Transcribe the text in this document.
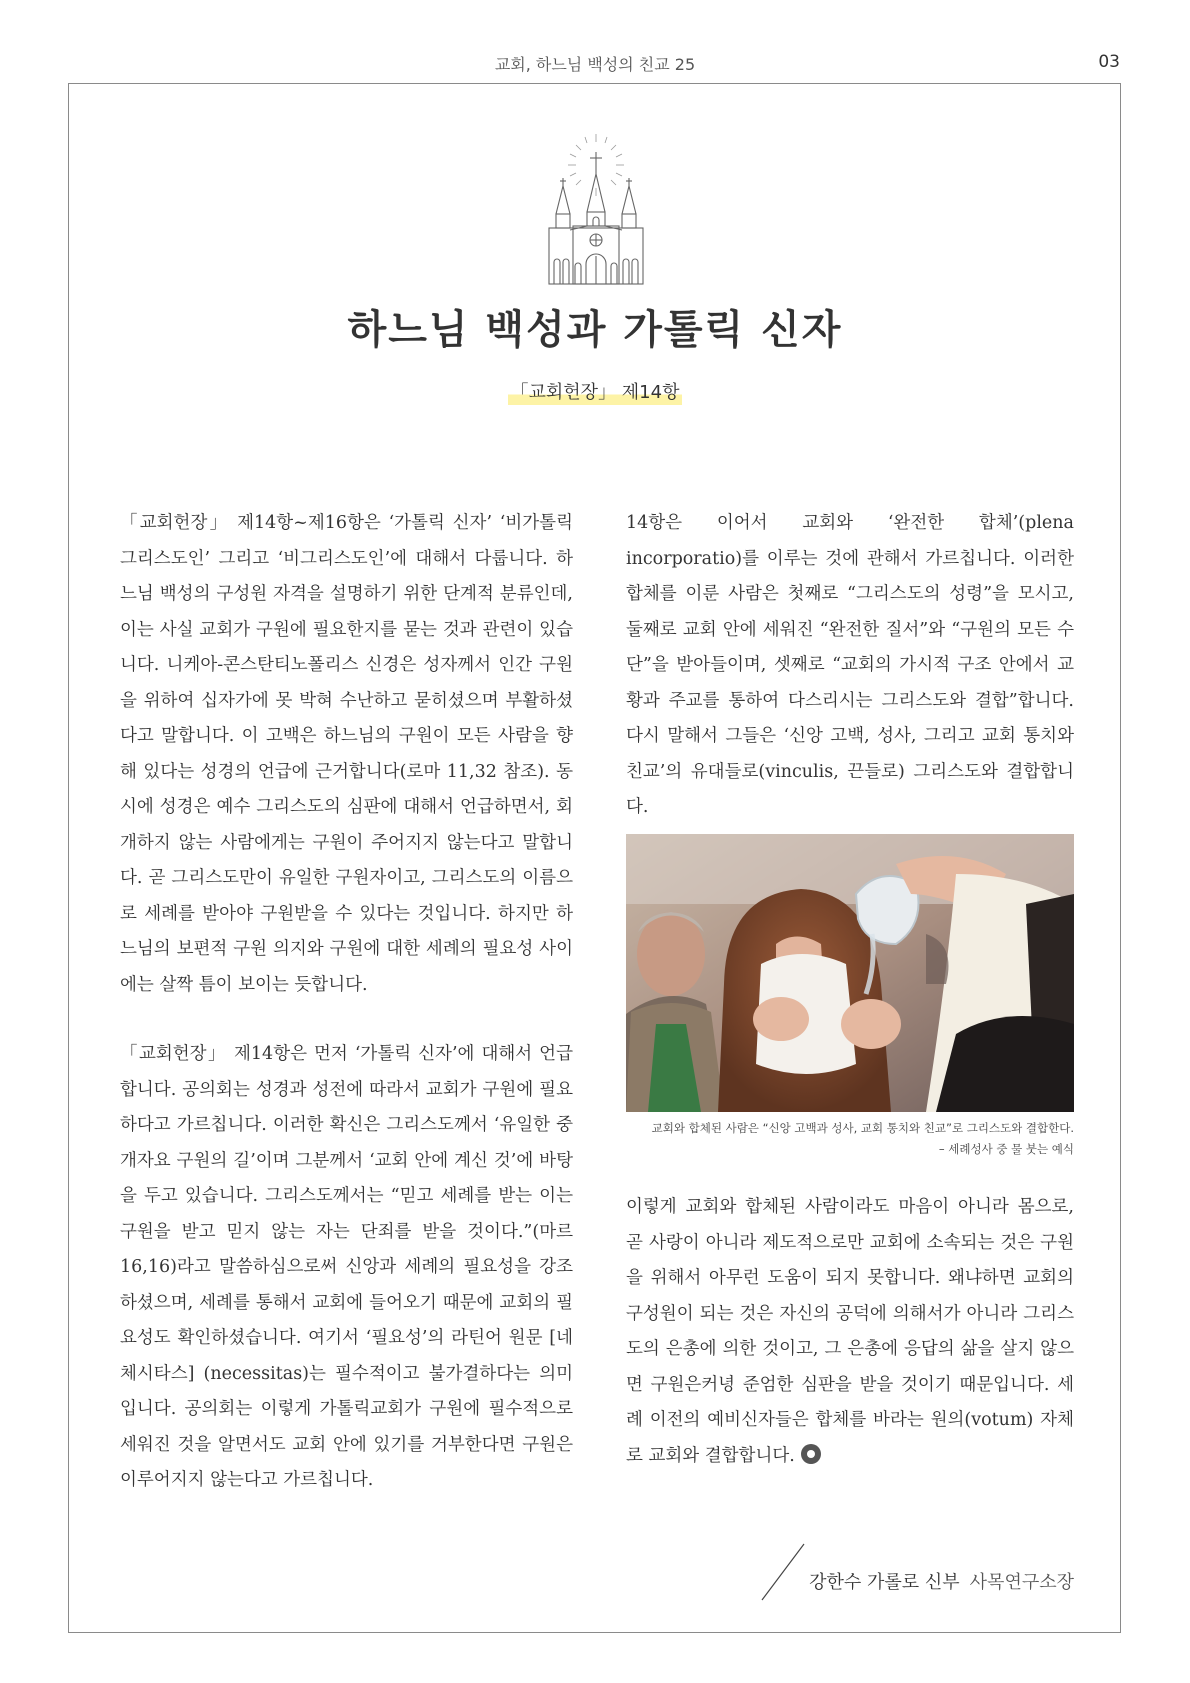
교회, 하느님 백성의 친교 25	03
하느님 백성과 가톨릭 신자
「교회헌장」 제14항

「교회헌장」 제14항~제16항은 ‘가톨릭 신자’ ‘비가톨릭 그리스도인’ 그리고 ‘비그리스도인’에 대해서 다룹니다. 하느님 백성의 구성원 자격을 설명하기 위한 단계적 분류인데, 이는 사실 교회가 구원에 필요한지를 묻는 것과 관련이 있습니다. 니케아-콘스탄티노폴리스 신경은 성자께서 인간 구원을 위하여 십자가에 못 박혀 수난하고 묻히셨으며 부활하셨다고 말합니다. 이 고백은 하느님의 구원이 모든 사람을 향해 있다는 성경의 언급에 근거합니다(로마 11,32 참조). 동시에 성경은 예수 그리스도의 심판에 대해서 언급하면서, 회개하지 않는 사람에게는 구원이 주어지지 않는다고 말합니다. 곧 그리스도만이 유일한 구원자이고, 그리스도의 이름으로 세례를 받아야 구원받을 수 있다는 것입니다. 하지만 하느님의 보편적 구원 의지와 구원에 대한 세례의 필요성 사이에는 살짝 틈이 보이는 듯합니다.

「교회헌장」 제14항은 먼저 ‘가톨릭 신자’에 대해서 언급합니다. 공의회는 성경과 성전에 따라서 교회가 구원에 필요하다고 가르칩니다. 이러한 확신은 그리스도께서 ‘유일한 중개자요 구원의 길’이며 그분께서 ‘교회 안에 계신 것’에 바탕을 두고 있습니다. 그리스도께서는 “믿고 세례를 받는 이는 구원을 받고 믿지 않는 자는 단죄를 받을 것이다.”(마르 16,16)라고 말씀하심으로써 신앙과 세례의 필요성을 강조하셨으며, 세례를 통해서 교회에 들어오기 때문에 교회의 필요성도 확인하셨습니다. 여기서 ‘필요성’의 라틴어 원문 [네체시타스] (necessitas)는 필수적이고 불가결하다는 의미입니다. 공의회는 이렇게 가톨릭교회가 구원에 필수적으로 세워진 것을 알면서도 교회 안에 있기를 거부한다면 구원은 이루어지지 않는다고 가르칩니다.

14항은 이어서 교회와 ‘완전한 합체’(plena incorporatio)를 이루는 것에 관해서 가르칩니다. 이러한 합체를 이룬 사람은 첫째로 “그리스도의 성령”을 모시고, 둘째로 교회 안에 세워진 “완전한 질서”와 “구원의 모든 수단”을 받아들이며, 셋째로 “교회의 가시적 구조 안에서 교황과 주교를 통하여 다스리시는 그리스도와 결합”합니다. 다시 말해서 그들은 ‘신앙 고백, 성사, 그리고 교회 통치와 친교’의 유대들로(vinculis, 끈들로) 그리스도와 결합합니다.

교회와 합체된 사람은 “신앙 고백과 성사, 교회 통치와 친교”로 그리스도와 결합한다.
– 세례성사 중 물 붓는 예식

이렇게 교회와 합체된 사람이라도 마음이 아니라 몸으로, 곧 사랑이 아니라 제도적으로만 교회에 소속되는 것은 구원을 위해서 아무런 도움이 되지 못합니다. 왜냐하면 교회의 구성원이 되는 것은 자신의 공덕에 의해서가 아니라 그리스도의 은총에 의한 것이고, 그 은총에 응답의 삶을 살지 않으면 구원은커녕 준엄한 심판을 받을 것이기 때문입니다. 세례 이전의 예비신자들은 합체를 바라는 원의(votum) 자체로 교회와 결합합니다.

강한수 가롤로 신부 사목연구소장
